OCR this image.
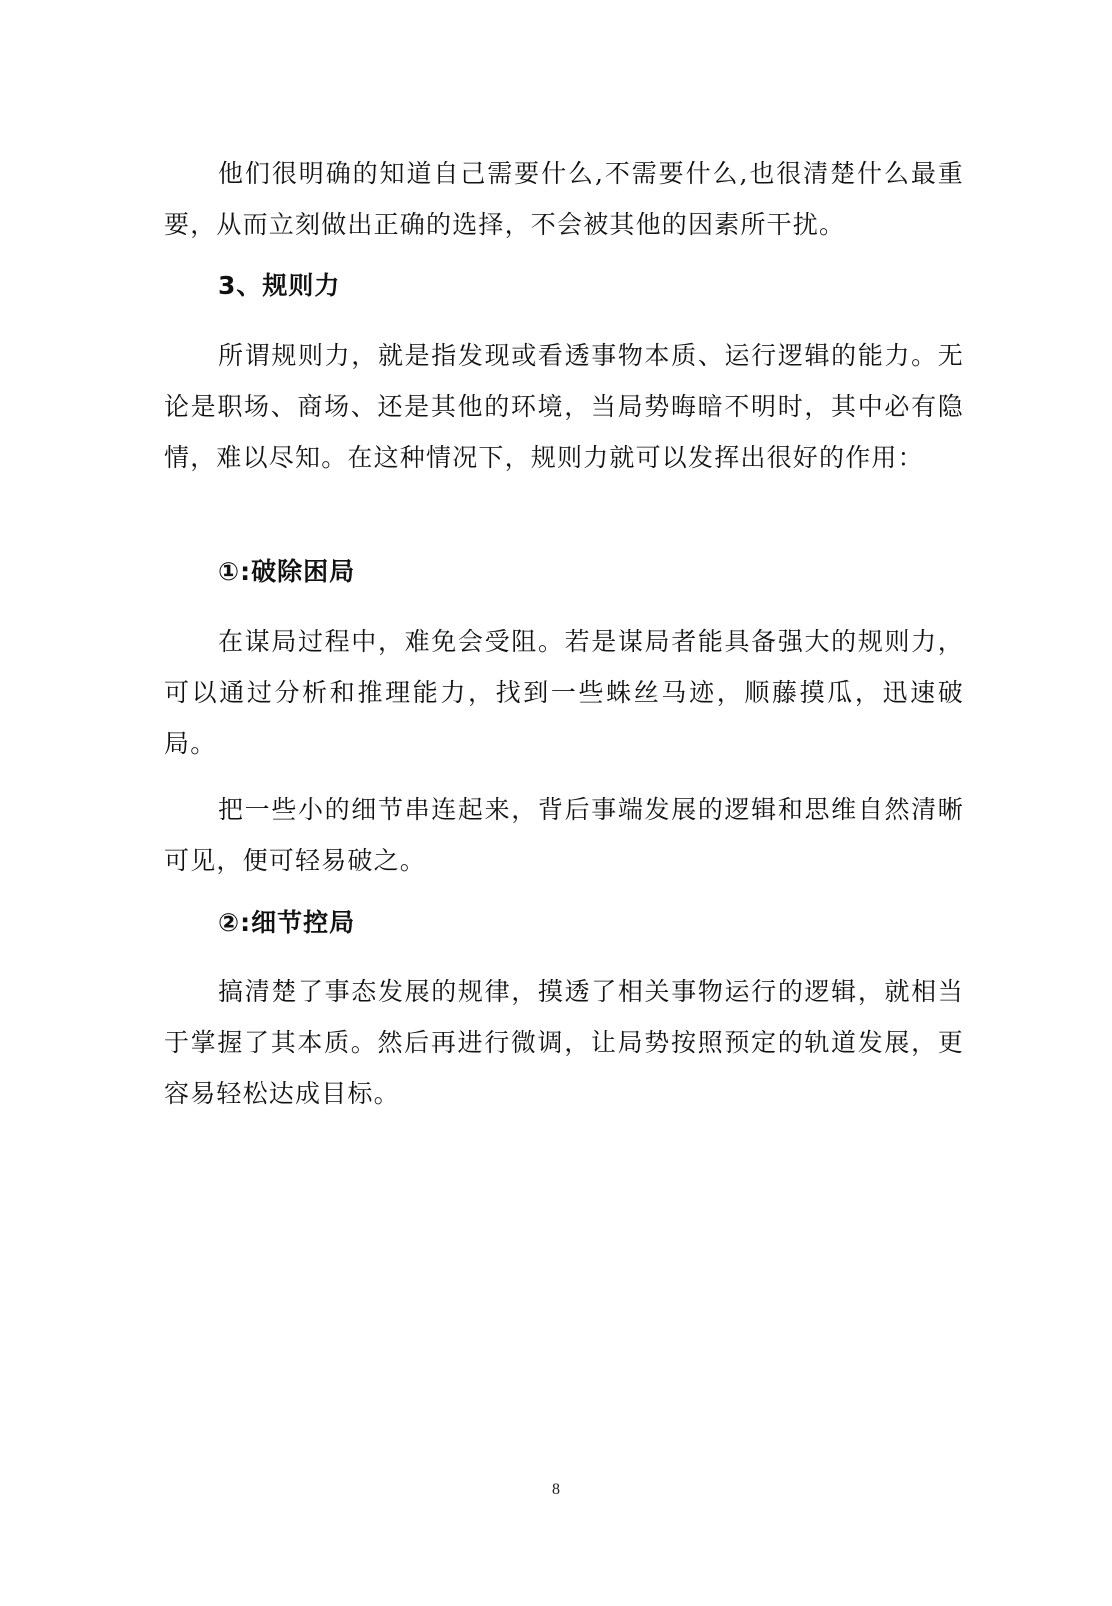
他们很明确的知道自己需要什么,不需要什么,也很清楚什么最重要，从而立刻做出正确的选择，不会被其他的因素所干扰。

3、规则力

所谓规则力，就是指发现或看透事物本质、运行逻辑的能力。无论是职场、商场、还是其他的环境，当局势晦暗不明时，其中必有隐情，难以尽知。在这种情况下，规则力就可以发挥出很好的作用：

①:破除困局

在谋局过程中，难免会受阻。若是谋局者能具备强大的规则力，可以通过分析和推理能力，找到一些蛛丝马迹，顺藤摸瓜，迅速破局。

把一些小的细节串连起来，背后事端发展的逻辑和思维自然清晰可见，便可轻易破之。

②:细节控局

搞清楚了事态发展的规律，摸透了相关事物运行的逻辑，就相当于掌握了其本质。然后再进行微调，让局势按照预定的轨道发展，更容易轻松达成目标。

8
